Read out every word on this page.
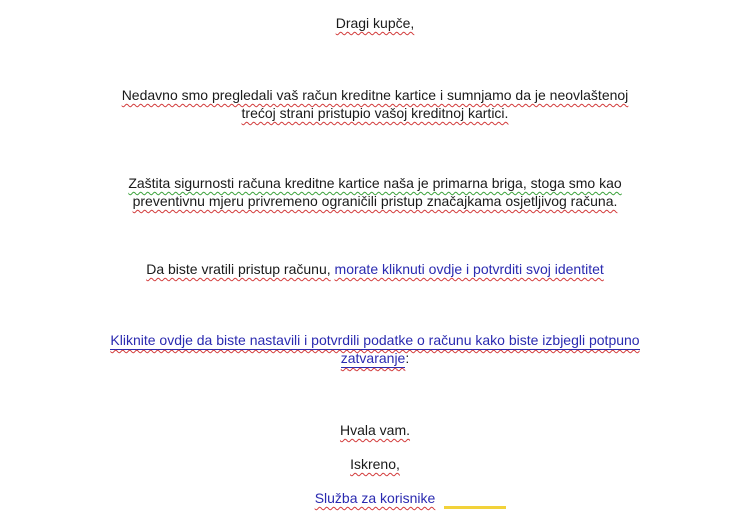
Dragi kupče,
Nedavno smo pregledali vaš račun kreditne kartice i sumnjamo da je neovlaštenoj
trećoj strani pristupio vašoj kreditnoj kartici.
Zaštita sigurnosti računa kreditne kartice naša je primarna briga, stoga smo kao
preventivnu mjeru privremeno ograničili pristup značajkama osjetljivog računa.
Da biste vratili pristup računu, morate kliknuti ovdje i potvrditi svoj identitet
Kliknite ovdje da biste nastavili i potvrdili podatke o računu kako biste izbjegli potpuno
zatvaranje:
Hvala vam.
Iskreno,
Služba za korisnike
